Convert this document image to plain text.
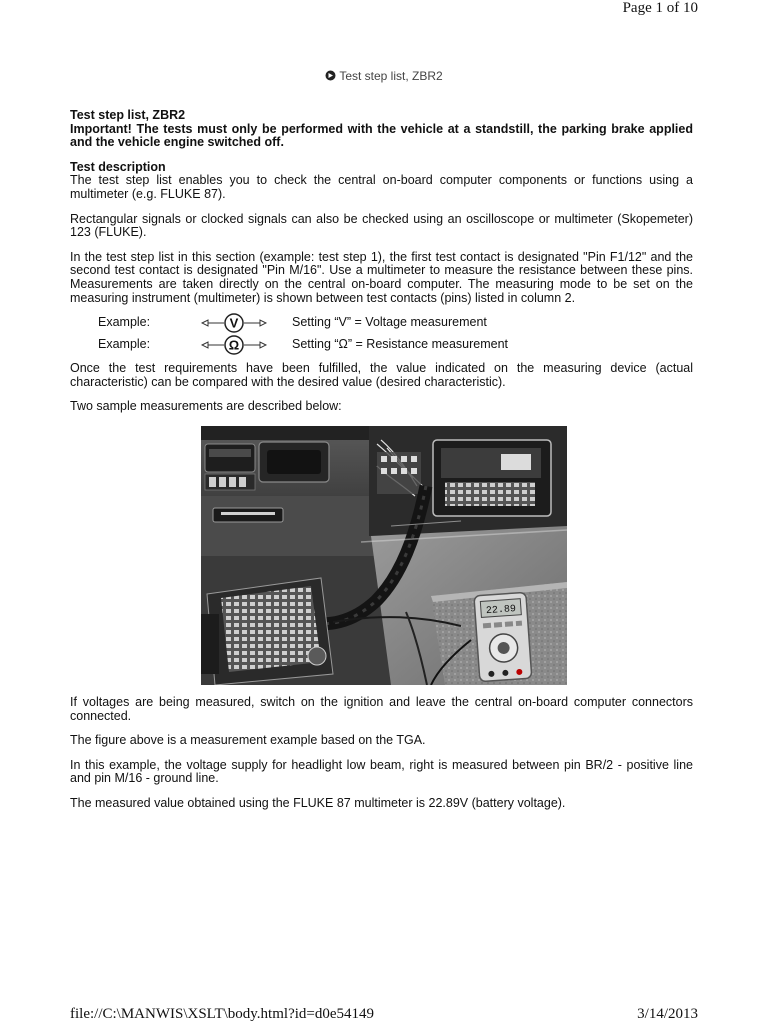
Page 1 of 10
Test step list, ZBR2

Test step list, ZBR2

Important! The tests must only be performed with the vehicle at a standstill, the parking brake applied and the vehicle engine switched off.

Test description

The test step list enables you to check the central on-board computer components or functions using a multimeter (e.g. FLUKE 87).

Rectangular signals or clocked signals can also be checked using an oscilloscope or multimeter (Skopemeter) 123 (FLUKE).

In the test step list in this section (example: test step 1), the first test contact is designated "Pin F1/12" and the second test contact is designated "Pin M/16". Use a multimeter to measure the resistance between these pins. Measurements are taken directly on the central on-board computer. The measuring mode to be set on the measuring instrument (multimeter) is shown between test contacts (pins) listed in column 2.

Example:	V	Setting “V” = Voltage measurement
Example:	Ω	Setting “Ω” = Resistance measurement

Once the test requirements have been fulfilled, the value indicated on the measuring device (actual characteristic) can be compared with the desired value (desired characteristic).

Two sample measurements are described below:

22.89

If voltages are being measured, switch on the ignition and leave the central on-board computer connectors connected.

The figure above is a measurement example based on the TGA.

In this example, the voltage supply for headlight low beam, right is measured between pin BR/2 - positive line and pin M/16 - ground line.

The measured value obtained using the FLUKE 87 multimeter is 22.89V (battery voltage).

file://C:\MANWIS\XSLT\body.html?id=d0e54149	3/14/2013
